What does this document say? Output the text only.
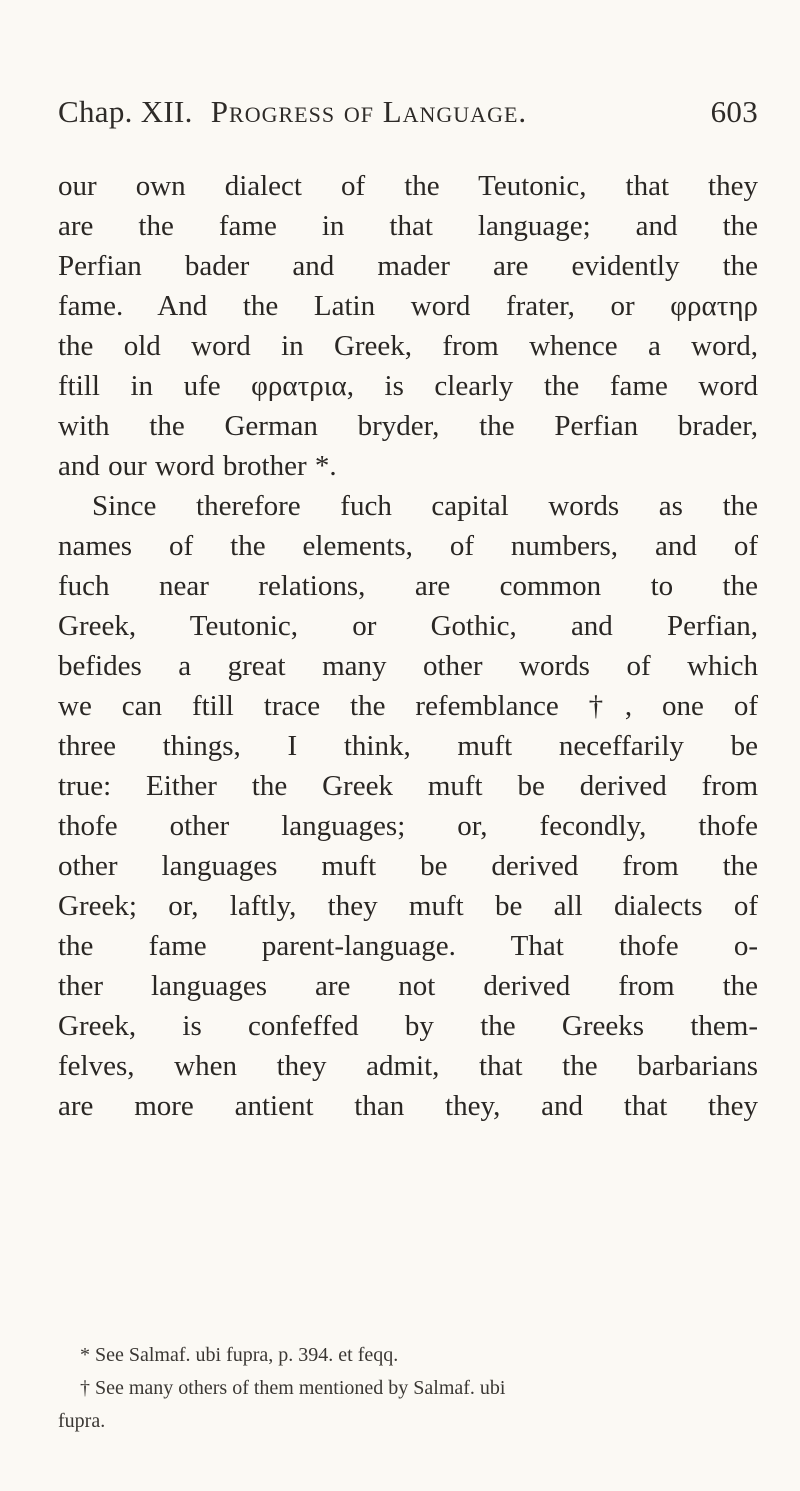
Chap. XII. Progress of Language.	603
our own dialect of the Teutonic, that they
are the fame in that language; and the
Perfian bader and mader are evidently the
fame. And the Latin word frater, or φρατηρ
the old word in Greek, from whence a word,
ftill in ufe φρατρια, is clearly the fame word
with the German bryder, the Perfian brader,
and our word brother *.
Since therefore fuch capital words as the
names of the elements, of numbers, and of
fuch near relations, are common to the
Greek, Teutonic, or Gothic, and Perfian,
befides a great many other words of which
we can ftill trace the refemblance †, one of
three things, I think, muft neceffarily be
true: Either the Greek muft be derived from
thofe other languages; or, fecondly, thofe
other languages muft be derived from the
Greek; or, laftly, they muft be all dialects of
the fame parent-language. That thofe o-
ther languages are not derived from the
Greek, is confeffed by the Greeks them-
felves, when they admit, that the barbarians
are more antient than they, and that they
* See Salmaf. ubi fupra, p. 394. et feqq.
† See many others of them mentioned by Salmaf. ubi
fupra.
